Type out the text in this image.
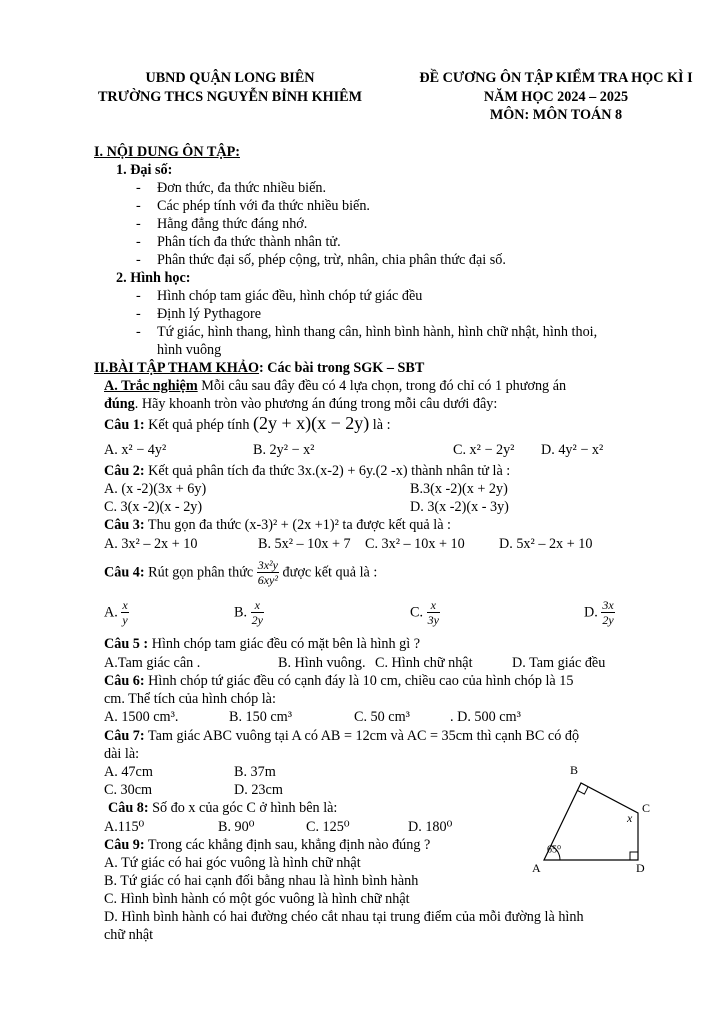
UBND QUẬN LONG BIÊN
TRƯỜNG THCS NGUYỄN BỈNH KHIÊM
ĐỀ CƯƠNG ÔN TẬP KIỂM TRA HỌC KÌ I
NĂM HỌC 2024 – 2025
MÔN: MÔN TOÁN 8
I. NỘI DUNG ÔN TẬP:
1. Đại số:
- Đơn thức, đa thức nhiều biến.
- Các phép tính với đa thức nhiều biến.
- Hằng đẳng thức đáng nhớ.
- Phân tích đa thức thành nhân tử.
- Phân thức đại số, phép cộng, trừ, nhân, chia phân thức đại số.
2. Hình học:
- Hình chóp tam giác đều, hình chóp tứ giác đều
- Định lý Pythagore
- Tứ giác, hình thang, hình thang cân, hình bình hành, hình chữ nhật, hình thoi,
hình vuông
II.BÀI TẬP THAM KHẢO: Các bài trong SGK – SBT
A. Trắc nghiệm Mỗi câu sau đây đều có 4 lựa chọn, trong đó chỉ có 1 phương án
đúng. Hãy khoanh tròn vào phương án đúng trong mỗi câu dưới đây:
Câu 1: Kết quả phép tính (2y + x)(x − 2y) là :
A. x² − 4y²	B. 2y² − x²	C. x² − 2y² D. 4y² − x²
Câu 2: Kết quả phân tích đa thức 3x.(x-2) + 6y.(2 -x) thành nhân tử là :
A. (x -2)(3x + 6y)	B.3(x -2)(x + 2y)
C. 3(x -2)(x - 2y)	D. 3(x -2)(x - 3y)
Câu 3: Thu gọn đa thức (x-3)² + (2x +1)² ta được kết quả là :
A. 3x² – 2x + 10	B. 5x² – 10x + 7 C. 3x² – 10x + 10 D. 5x² – 2x + 10
Câu 4: Rút gọn phân thức $\frac{\text{3x²y}}{\text{6xy²}}$ được kết quả là :
A. $\frac{x}{y}$	B. $\frac{x}{2y}$	C. $\frac{x}{3y}$	D. $\frac{3x}{2y}$
Câu 5 : Hình chóp tam giác đều có mặt bên là hình gì ?
A.Tam giác cân .	B. Hình vuông. C. Hình chữ nhật	D. Tam giác đều
Câu 6: Hình chóp tứ giác đều có cạnh đáy là 10 cm, chiều cao của hình chóp là 15
cm. Thể tích của hình chóp là:
A. 1500 cm³.	B. 150 cm³	C. 50 cm³	. D. 500 cm³
Câu 7: Tam giác ABC vuông tại A có AB = 12cm và AC = 35cm thì cạnh BC có độ
dài là:
A. 47cm	B. 37m
C. 30cm	D. 23cm
Câu 8: Số đo x của góc C ở hình bên là:
A.115⁰	B. 90⁰	C. 125⁰	D. 180⁰
Câu 9: Trong các khẳng định sau, khẳng định nào đúng ?
A. Tứ giác có hai góc vuông là hình chữ nhật
B. Tứ giác có hai cạnh đối bằng nhau là hình bình hành
C. Hình bình hành có một góc vuông là hình chữ nhật
D. Hình bình hành có hai đường chéo cắt nhau tại trung điểm của mỗi đường là hình
chữ nhật
B
C
A	D
x
65⁰
